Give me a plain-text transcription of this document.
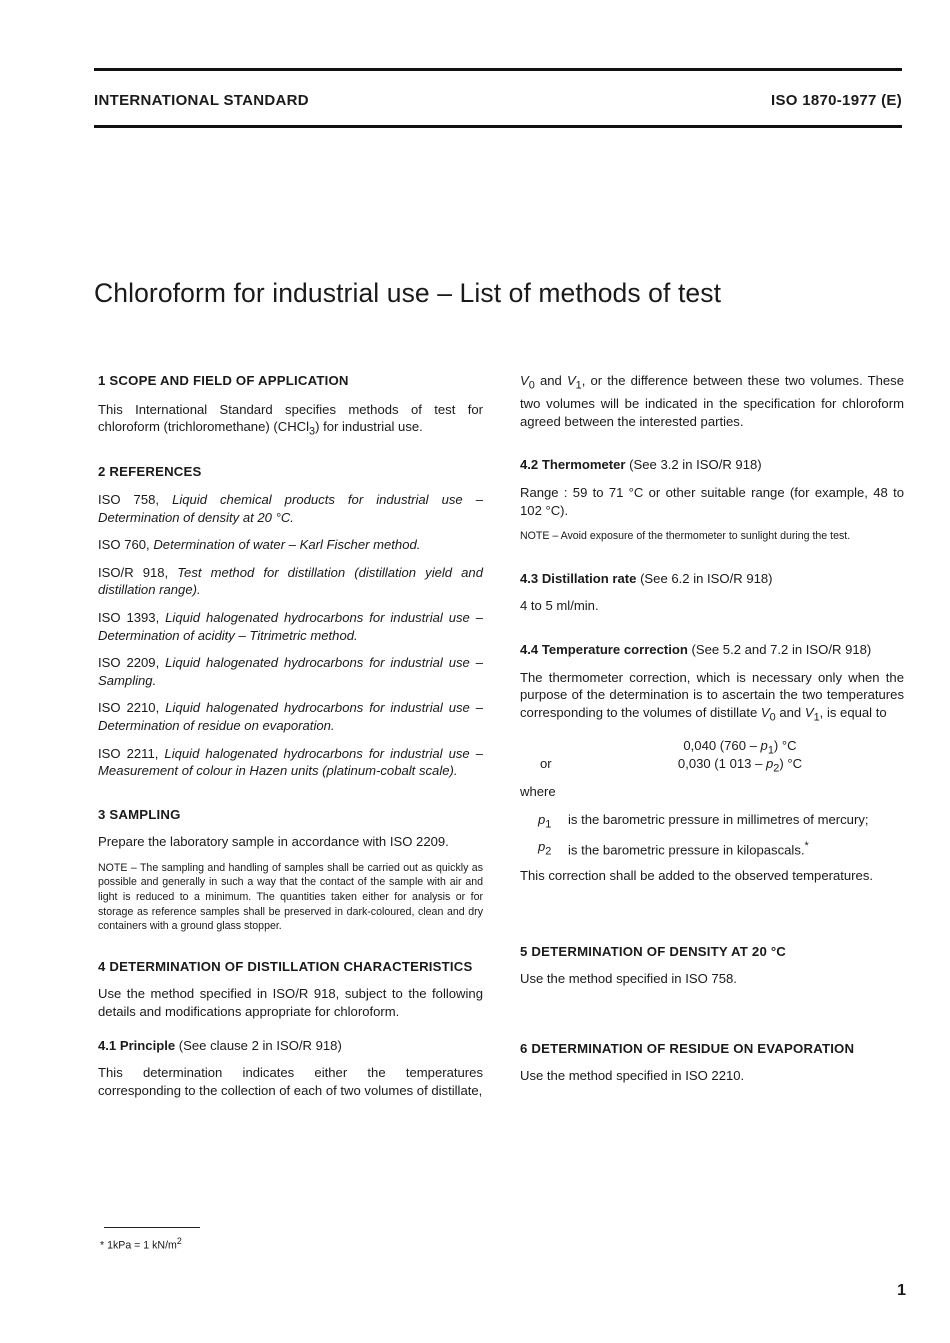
INTERNATIONAL STANDARD	ISO 1870-1977 (E)
Chloroform for industrial use – List of methods of test

1 SCOPE AND FIELD OF APPLICATION

This International Standard specifies methods of test for chloroform (trichloromethane) (CHCl$_3$) for industrial use.

2 REFERENCES

ISO 758, Liquid chemical products for industrial use – Determination of density at 20 °C.

ISO 760, Determination of water – Karl Fischer method.

ISO/R 918, Test method for distillation (distillation yield and distillation range).

ISO 1393, Liquid halogenated hydrocarbons for industrial use – Determination of acidity – Titrimetric method.

ISO 2209, Liquid halogenated hydrocarbons for industrial use – Sampling.

ISO 2210, Liquid halogenated hydrocarbons for industrial use – Determination of residue on evaporation.

ISO 2211, Liquid halogenated hydrocarbons for industrial use – Measurement of colour in Hazen units (platinum-cobalt scale).

3 SAMPLING

Prepare the laboratory sample in accordance with ISO 2209.

NOTE – The sampling and handling of samples shall be carried out as quickly as possible and generally in such a way that the contact of the sample with air and light is reduced to a minimum. The quantities taken either for analysis or for storage as reference samples shall be preserved in dark-coloured, clean and dry containers with a ground glass stopper.

4 DETERMINATION OF DISTILLATION CHARACTERISTICS

Use the method specified in ISO/R 918, subject to the following details and modifications appropriate for chloroform.

4.1 Principle (See clause 2 in ISO/R 918)

This determination indicates either the temperatures corresponding to the collection of each of two volumes of distillate,

$V_0$ and $V_1$, or the difference between these two volumes. These two volumes will be indicated in the specification for chloroform agreed between the interested parties.

4.2 Thermometer (See 3.2 in ISO/R 918)

Range : 59 to 71 °C or other suitable range (for example, 48 to 102 °C).

NOTE – Avoid exposure of the thermometer to sunlight during the test.

4.3 Distillation rate (See 6.2 in ISO/R 918)

4 to 5 ml/min.

4.4 Temperature correction (See 5.2 and 7.2 in ISO/R 918)

The thermometer correction, which is necessary only when the purpose of the determination is to ascertain the two temperatures corresponding to the volumes of distillate $V_0$ and $V_1$, is equal to

0,040 $(760 - p_1)$ °C
or	0,030 (1 $013 - p_2$) °C

where

$p_1$ is the barometric pressure in millimetres of mercury;

$p_2$ is the barometric pressure in kilopascals.*

This correction shall be added to the observed temperatures.

5 DETERMINATION OF DENSITY AT 20 °C

Use the method specified in ISO 758.

6 DETERMINATION OF RESIDUE ON EVAPORATION

Use the method specified in ISO 2210.

* 1kPa = 1 $kN/m^2$
1
